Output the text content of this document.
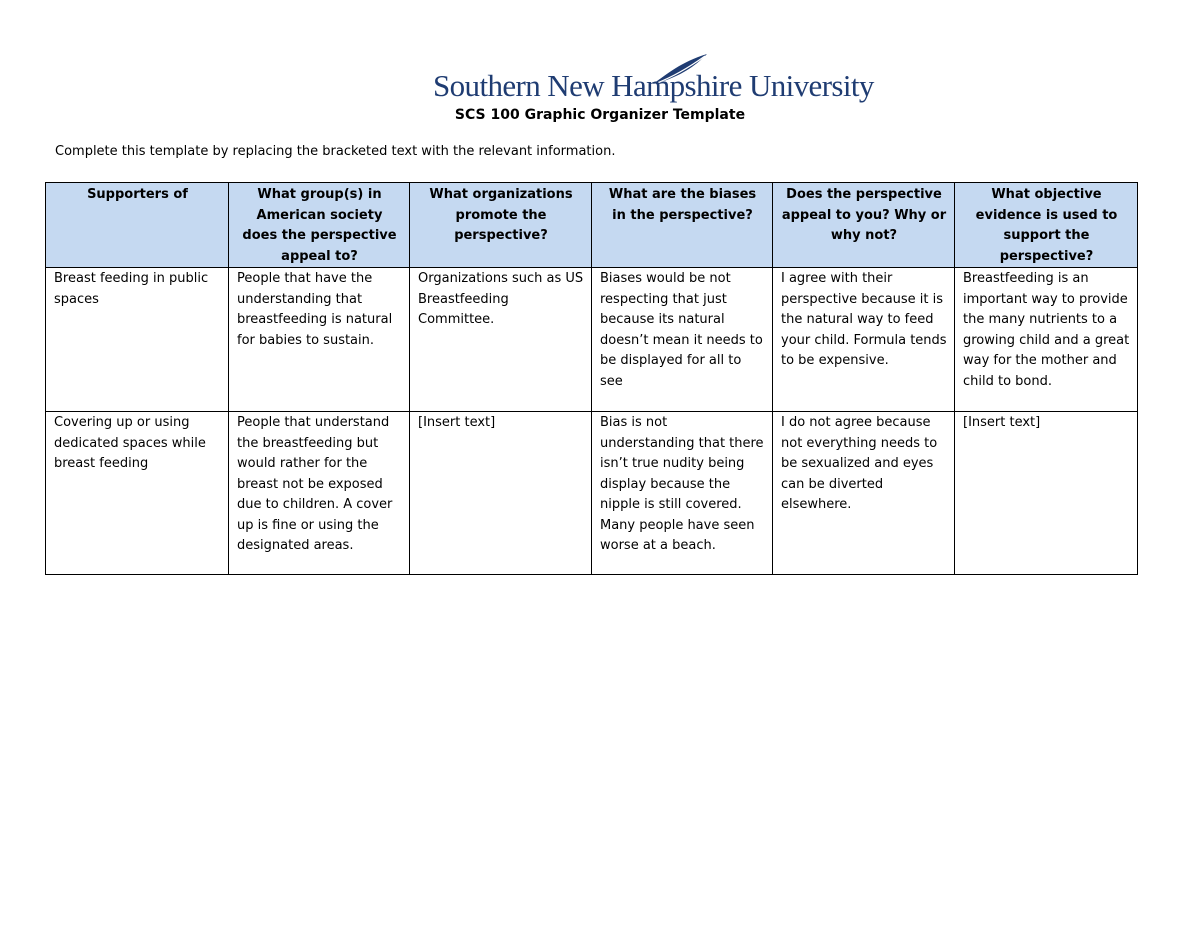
Southern New Hampshire University
SCS 100 Graphic Organizer Template
Complete this template by replacing the bracketed text with the relevant information.
Supporters of	What group(s) in American society does the perspective appeal to?	What organizations promote the perspective?	What are the biases in the perspective?	Does the perspective appeal to you? Why or why not?	What objective evidence is used to support the perspective?
Breast feeding in public spaces	People that have the understanding that breastfeeding is natural for babies to sustain.	Organizations such as US Breastfeeding Committee.	Biases would be not respecting that just because its natural doesn’t mean it needs to be displayed for all to see	I agree with their perspective because it is the natural way to feed your child. Formula tends to be expensive.	Breastfeeding is an important way to provide the many nutrients to a growing child and a great way for the mother and child to bond.
Covering up or using dedicated spaces while breast feeding	People that understand the breastfeeding but would rather for the breast not be exposed due to children. A cover up is fine or using the designated areas.	[Insert text]	Bias is not understanding that there isn’t true nudity being display because the nipple is still covered. Many people have seen worse at a beach.	I do not agree because not everything needs to be sexualized and eyes can be diverted elsewhere.	[Insert text]
